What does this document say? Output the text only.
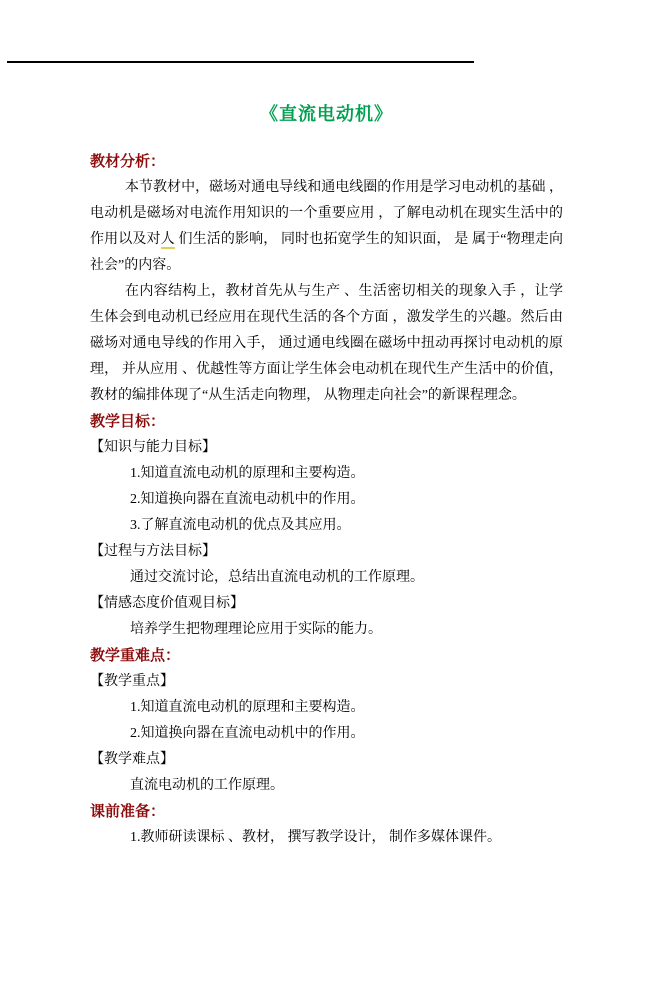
《直流电动机》
教材分析：

本节教材中，磁场对通电导线和通电线圈的作用是学习电动机的基础 ，电动机是磁场对电流作用知识的一个重要应用 ，了解电动机在现实生活中的作用以及对人 们生活的影响， 同时也拓宽学生的知识面， 是 属于“物理走向社会”的内容。

在内容结构上，教材首先从与生产 、生活密切相关的现象入手 ，让学生体会到电动机已经应用在现代生活的各个方面 ，激发学生的兴趣。然后由磁场对通电导线的作用入手， 通过通电线圈在磁场中扭动再探讨电动机的原理， 并从应用 、优越性等方面让学生体会电动机在现代生产生活中的价值， 教材的编排体现了“从生活走向物理， 从物理走向社会”的新课程理念。

教学目标：
【知识与能力目标】
1.知道直流电动机的原理和主要构造。
2.知道换向器在直流电动机中的作用。
3.了解直流电动机的优点及其应用。
【过程与方法目标】
通过交流讨论，总结出直流电动机的工作原理。
【情感态度价值观目标】
培养学生把物理理论应用于实际的能力。
教学重难点：
【教学重点】
1.知道直流电动机的原理和主要构造。
2.知道换向器在直流电动机中的作用。
【教学难点】
直流电动机的工作原理。
课前准备：
1.教师研读课标 、教材， 撰写教学设计， 制作多媒体课件。
